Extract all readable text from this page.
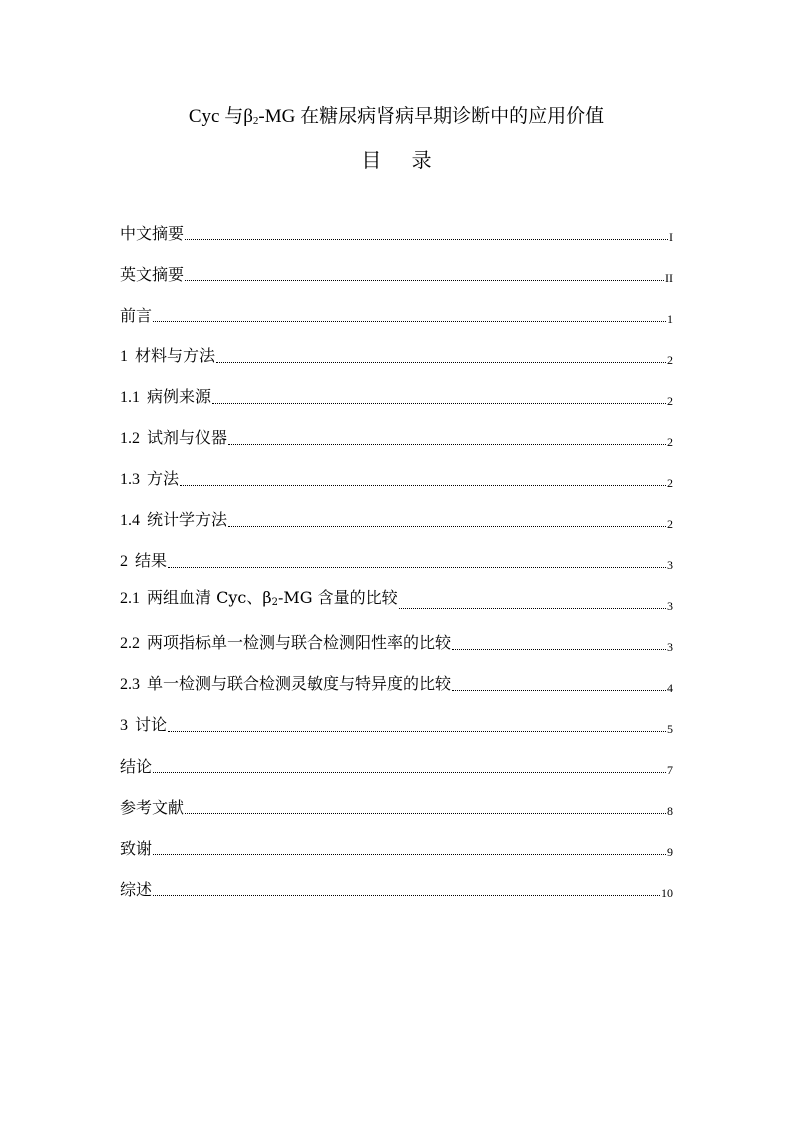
Cyc 与$\beta_2-MG$ 在糖尿病肾病早期诊断中的应用价值
目 录
中文摘要	I
英文摘要	II
前言	1
1 材料与方法	2
1.1 病例来源	2
1.2 试剂与仪器	2
1.3 方法	2
1.4 统计学方法	2
2 结果	3
2.1 两组血清 Cyc、$\beta_2-MG$ 含量的比较	3
2.2 两项指标单一检测与联合检测阳性率的比较	3
2.3 单一检测与联合检测灵敏度与特异度的比较	4
3 讨论	5
结论	7
参考文献	8
致谢	9
综述	10
